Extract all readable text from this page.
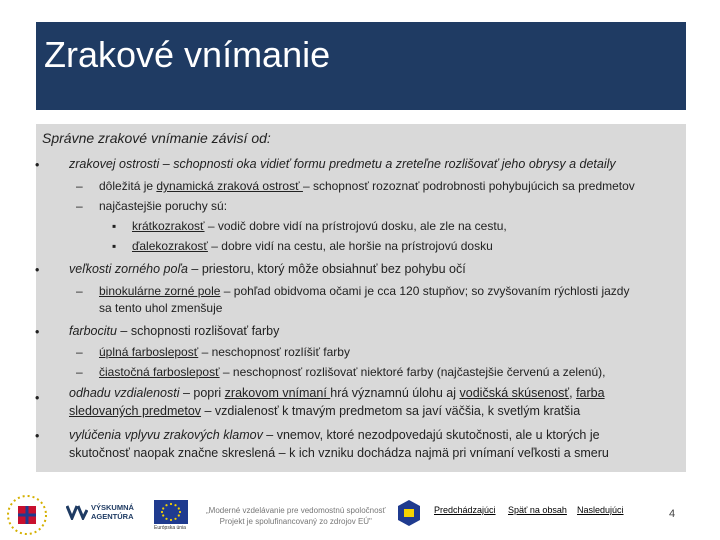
Zrakové vnímanie
Správne zrakové vnímanie závisí od:
• zrakovej ostrosti – schopnosti oka vidieť formu predmetu a zreteľne rozlišovať jeho obrysy a detaily
– dôležitá je dynamická zraková ostrosť – schopnosť rozoznať podrobnosti pohybujúcich sa predmetov
– najčastejšie poruchy sú:
▪ krátkozrakosť – vodič dobre vidí na prístrojovú dosku, ale zle na cestu,
▪ ďalekozrakosť – dobre vidí na cestu, ale horšie na prístrojovú dosku
• veľkosti zorného poľa – priestoru, ktorý môže obsiahnuť bez pohybu očí
– binokulárne zorné pole – pohľad obidvoma očami je cca 120 stupňov; so zvyšovaním rýchlosti jazdy
sa tento uhol zmenšuje
• farbocitu – schopnosti rozlišovať farby
– úplná farbosleposť – neschopnosť rozlíšiť farby
– čiastočná farbosleposť – neschopnosť rozlišovať niektoré farby (najčastejšie červenú a zelenú),
• odhadu vzdialenosti – popri zrakovom vnímaní hrá významnú úlohu aj vodičská skúsenosť, farba
sledovaných predmetov – vzdialenosť k tmavým predmetom sa javí väčšia, k svetlým kratšia
• vylúčenia vplyvu zrakových klamov – vnemov, ktoré nezodpovedajú skutočnosti, ale u ktorých je
skutočnosť naopak značne skreslená – k ich vzniku dochádza najmä pri vnímaní veľkosti a smeru
VÝSKUMNÁ
AGENTÚRA
Európska únia
„Moderné vzdelávanie pre vedomostnú spoločnosť
Projekt je spolufinancovaný zo zdrojov EÚ"
Predchádzajúci Späť na obsah Nasledujúci	4
